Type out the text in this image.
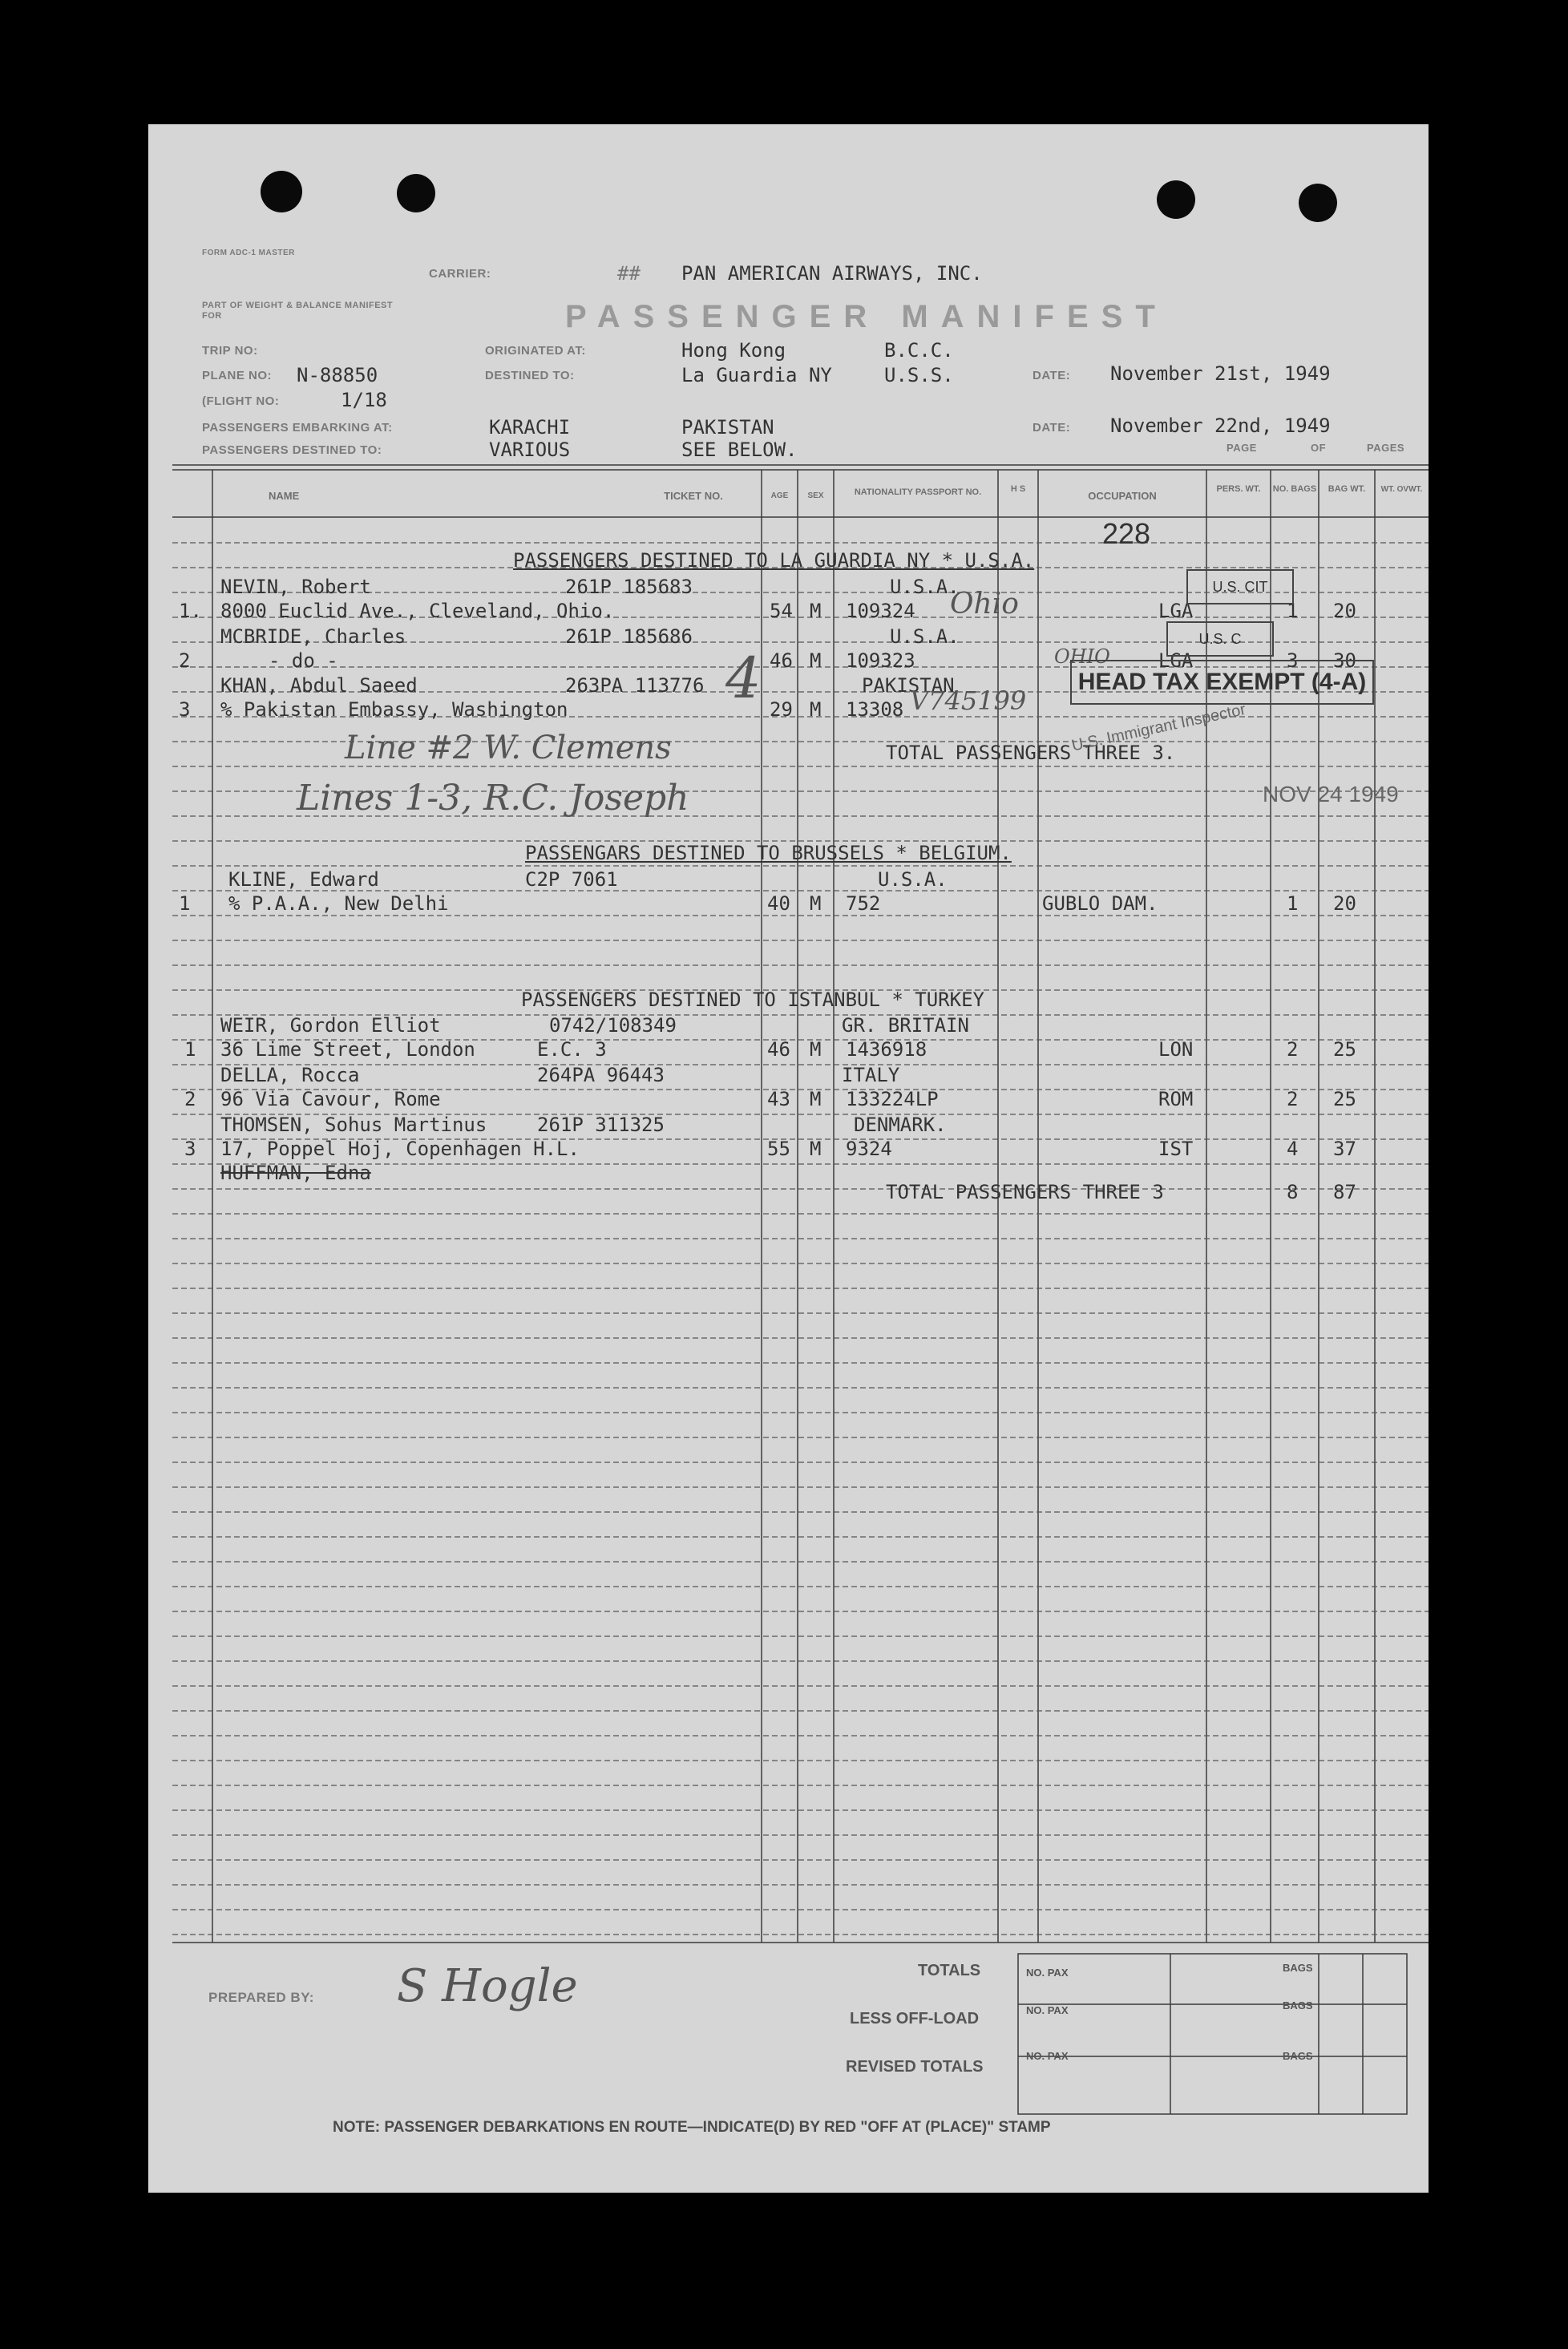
FORM ADC-1 MASTER
CARRIER:	## PAN AMERICAN AIRWAYS, INC.
PART OF WEIGHT & BALANCE MANIFEST FOR	PASSENGER MANIFEST
TRIP NO:	ORIGINATED AT:	Hong Kong	B.C.C.
PLANE NO: N-88850	DESTINED TO:	La Guardia NY	U.S.S.	DATE: November 21st, 1949
(FLIGHT NO:	1/18
PASSENGERS EMBARKING AT:	KARACHI	PAKISTAN	DATE: November 22nd, 1949
PASSENGERS DESTINED TO:	VARIOUS	SEE BELOW.	PAGE	OF	PAGES
NAME	TICKET NO.	AGE	SEX	NATIONALITY PASSPORT NO.	H S
OCCUPATION
PERS. WT.	NO. BAGS	BAG WT.	WT. OVWT.
228
PASSENGERS DESTINED TO LA GUARDIA NY * U.S.A.
NEVIN, Robert	261P 185683	U.S.A.
1. 8000 Euclid Ave., Cleveland, Ohio.	54 M 109324 Ohio	LGA	1 20
MCBRIDE, Charles	261P 185686	U.S.A.
2	- do -	46 M 109323	OHIO	LGA	3 30
KHAN, Abdul Saeed	263PA 113776	PAKISTAN
3 % Pakistan Embassy, Washington	29 M 13308 V745199
4
U.S. CIT
U.S. C
HEAD TAX EXEMPT (4-A)
TOTAL PASSENGERS THREE 3.
Line #2 W. Clemens
Lines 1-3, R.C. Joseph
U.S. Immigrant Inspector
NOV 24 1949
PASSENGARS DESTINED TO BRUSSELS * BELGIUM.
KLINE, Edward	C2P 7061	U.S.A.
1 % P.A.A., New Delhi	40 M 752	GUBLO DAM.	1 20
PASSENGERS DESTINED TO ISTANBUL * TURKEY
WEIR, Gordon Elliot	0742/108349	GR. BRITAIN
1 36 Lime Street, London	E.C. 3	46 M 1436918	LON	2 25
DELLA, Rocca	264PA 96443	ITALY
2 96 Via Cavour, Rome	43 M 133224LP	ROM	2 25
THOMSEN, Sohus Martinus	261P 311325	DENMARK.
3 17, Poppel Hoj, Copenhagen H.L.	55 M 9324	IST	4 37
HUFFMAN, Edna
TOTAL PASSENGERS THREE 3	8 87
PREPARED BY: S Hogle	TOTALS
LESS OFF-LOAD
REVISED TOTALS
NO. PAX
NO. PAX
NO. PAX
BAGS
BAGS
BAGS
NOTE: PASSENGER DEBARKATIONS EN ROUTE—INDICATE(D) BY RED "OFF AT (PLACE)" STAMP
